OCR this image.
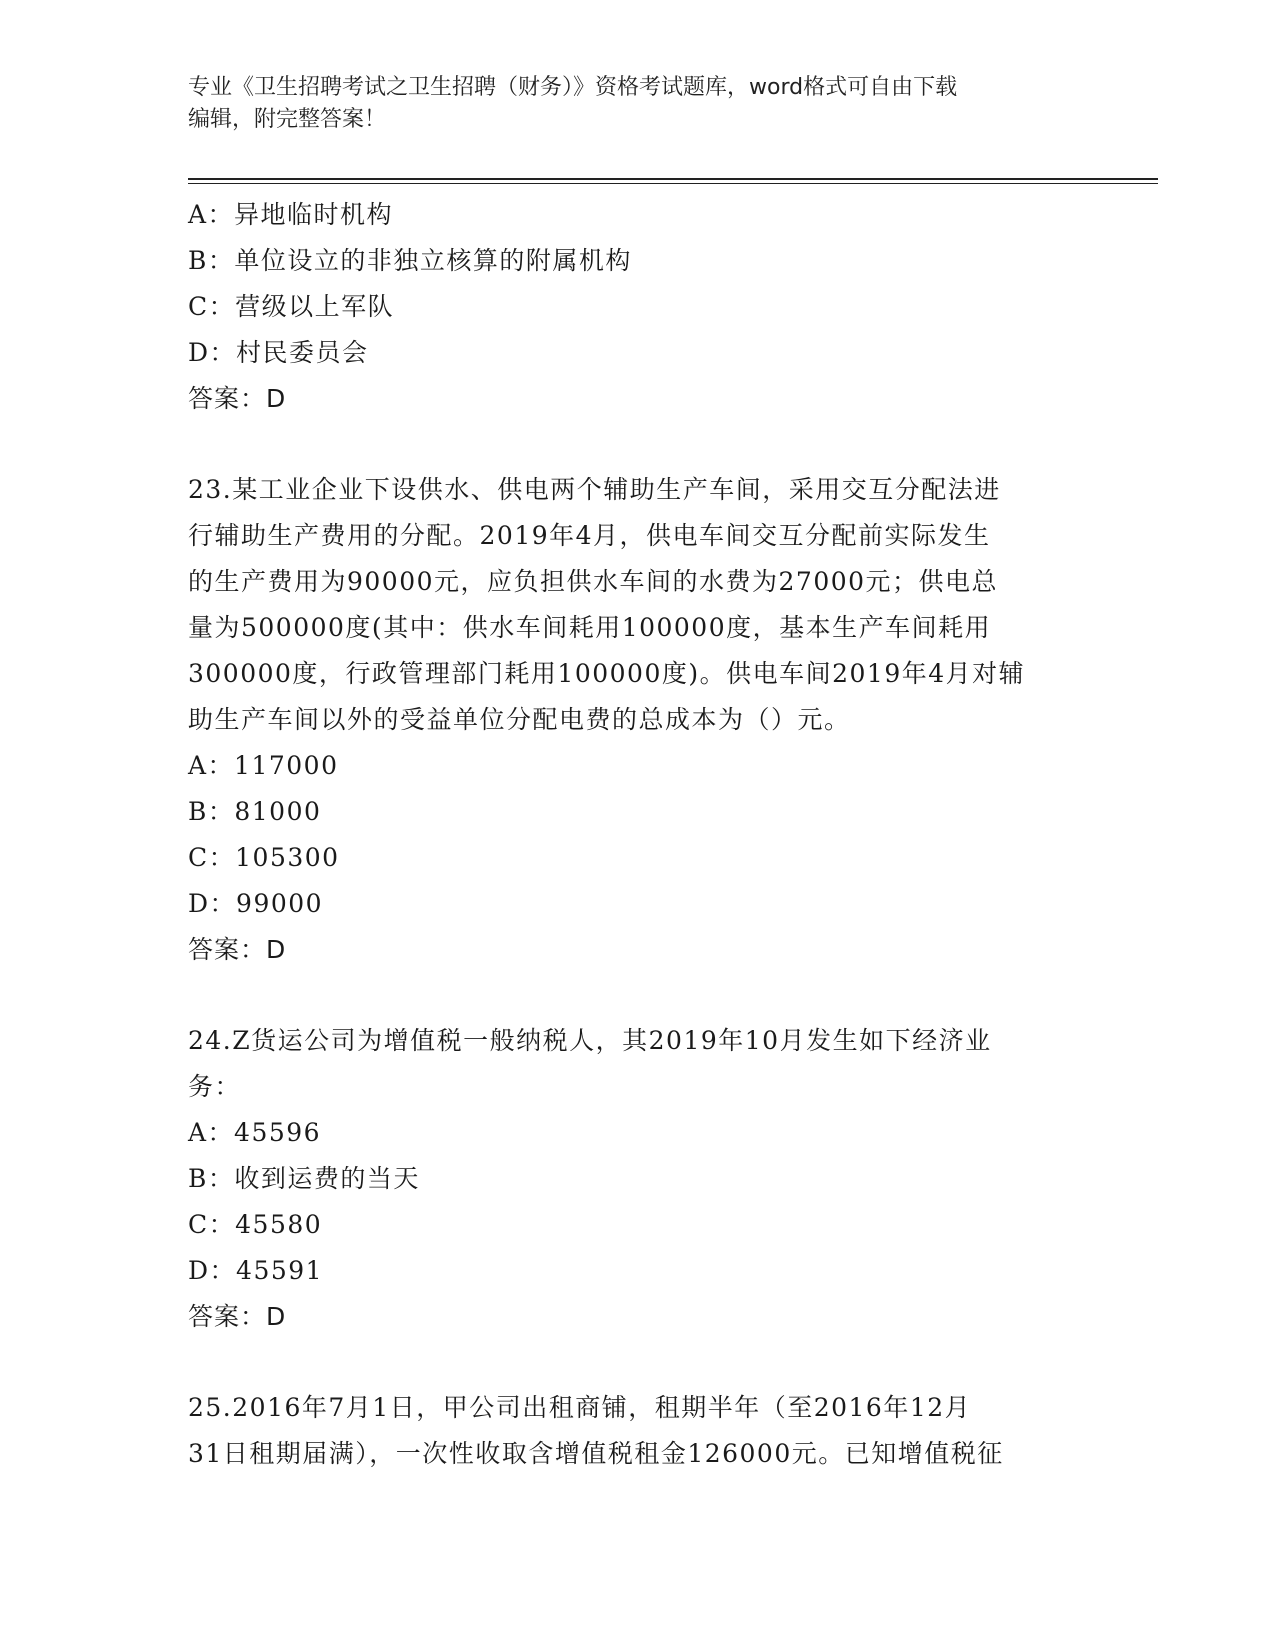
专业《卫生招聘考试之卫生招聘（财务）》资格考试题库，word格式可自由下载
编辑，附完整答案！
A：异地临时机构
B：单位设立的非独立核算的附属机构
C：营级以上军队
D：村民委员会
答案：D
23.某工业企业下设供水、供电两个辅助生产车间，采用交互分配法进
行辅助生产费用的分配。2019年4月，供电车间交互分配前实际发生
的生产费用为90000元，应负担供水车间的水费为27000元；供电总
量为500000度(其中：供水车间耗用100000度，基本生产车间耗用
300000度，行政管理部门耗用100000度)。供电车间2019年4月对辅
助生产车间以外的受益单位分配电费的总成本为（）元。
A：117000
B：81000
C：105300
D：99000
答案：D
24.Z货运公司为增值税一般纳税人，其2019年10月发生如下经济业
务：
A：45596
B：收到运费的当天
C：45580
D：45591
答案：D
25.2016年7月1日，甲公司出租商铺，租期半年（至2016年12月
31日租期届满），一次性收取含增值税租金126000元。已知增值税征
